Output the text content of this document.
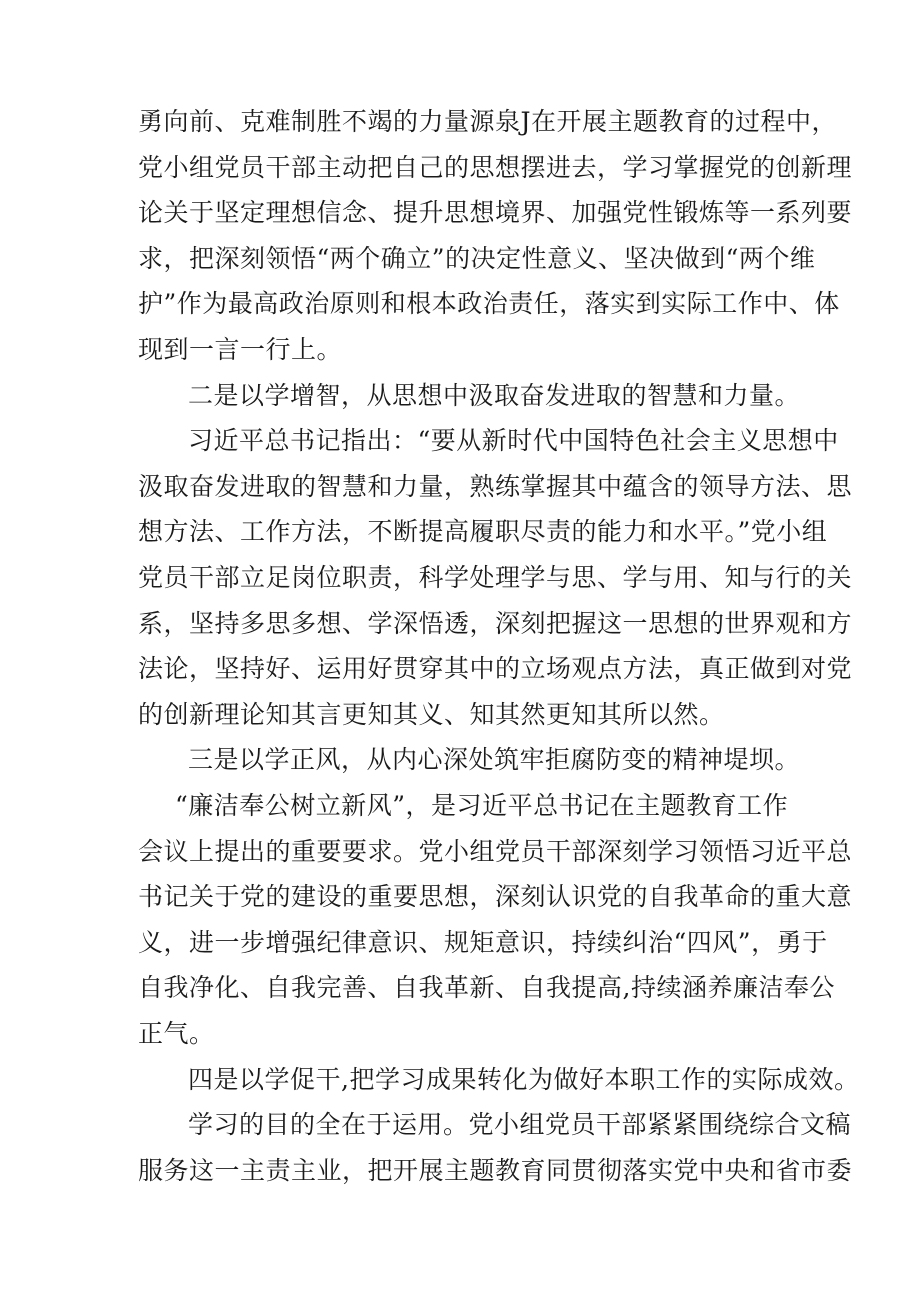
勇向前、克难制胜不竭的力量源泉J在开展主题教育的过程中，
党小组党员干部主动把自己的思想摆进去，学习掌握党的创新理
论关于坚定理想信念、提升思想境界、加强党性锻炼等一系列要
求，把深刻领悟“两个确立”的决定性意义、坚决做到“两个维
护”作为最高政治原则和根本政治责任，落实到实际工作中、体
现到一言一行上。
二是以学增智，从思想中汲取奋发进取的智慧和力量。
习近平总书记指出：“要从新时代中国特色社会主义思想中
汲取奋发进取的智慧和力量，熟练掌握其中蕴含的领导方法、思
想方法、工作方法，不断提高履职尽责的能力和水平。”党小组
党员干部立足岗位职责，科学处理学与思、学与用、知与行的关
系，坚持多思多想、学深悟透，深刻把握这一思想的世界观和方
法论，坚持好、运用好贯穿其中的立场观点方法，真正做到对党
的创新理论知其言更知其义、知其然更知其所以然。
三是以学正风，从内心深处筑牢拒腐防变的精神堤坝。
“廉洁奉公树立新风”，是习近平总书记在主题教育工作
会议上提出的重要要求。党小组党员干部深刻学习领悟习近平总
书记关于党的建设的重要思想，深刻认识党的自我革命的重大意
义，进一步增强纪律意识、规矩意识，持续纠治“四风”，勇于
自我净化、自我完善、自我革新、自我提高,持续涵养廉洁奉公
正气。
四是以学促干,把学习成果转化为做好本职工作的实际成效。
学习的目的全在于运用。党小组党员干部紧紧围绕综合文稿
服务这一主责主业，把开展主题教育同贯彻落实党中央和省市委
